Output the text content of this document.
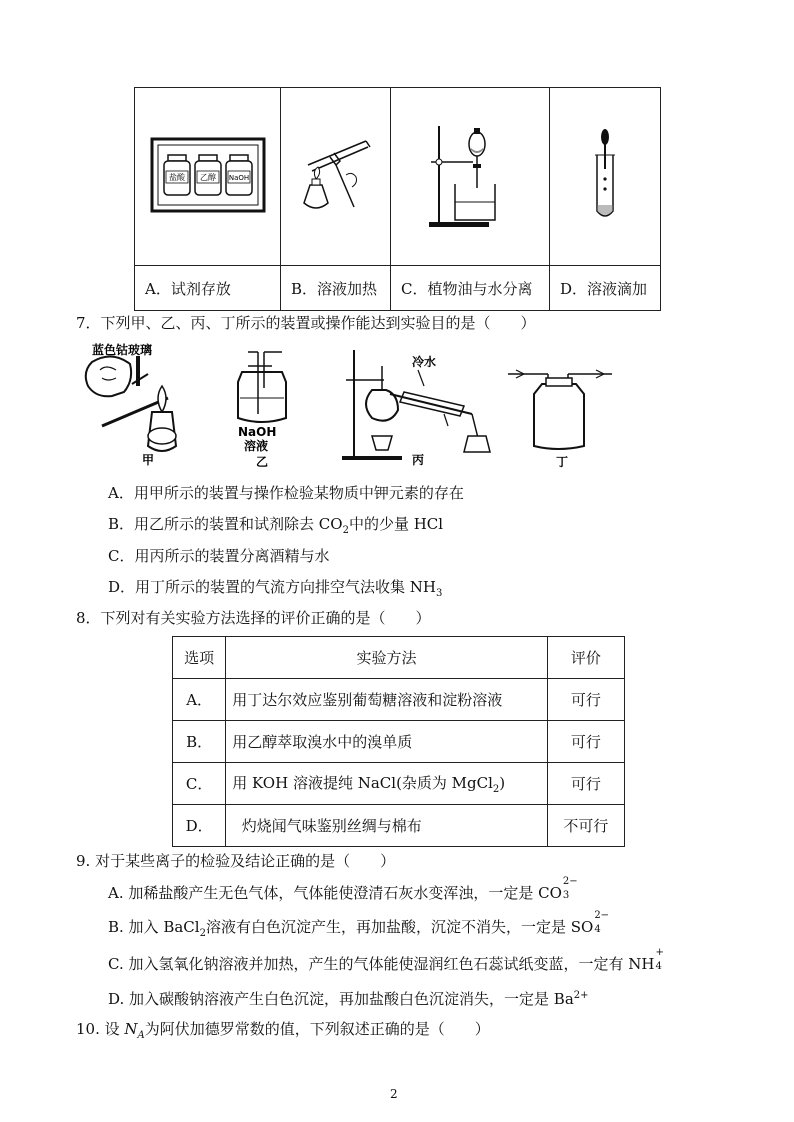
盐酸 乙醇 NaOH

A．试剂存放	B．溶液加热	C．植物油与水分离	D．溶液滴加
7．下列甲、乙、丙、丁所示的装置或操作能达到实验目的是（　　）
蓝色钴玻璃
甲
NaOH
溶液
乙
冷水
丙	丁
A．用甲所示的装置与操作检验某物质中钾元素的存在
B．用乙所示的装置和试剂除去 $CO_2$中的少量 HCl
C．用丙所示的装置分离酒精与水
D．用丁所示的装置的气流方向排空气法收集 $NH_3$
8．下列对有关实验方法选择的评价正确的是（　　）
选项	实验方法	评价
A．	用丁达尔效应鉴别葡萄糖溶液和淀粉溶液	可行
B．	用乙醇萃取溴水中的溴单质	可行
C．	用 KOH 溶液提纯 NaCl(杂质为 MgCl$_2$)	可行
D．	灼烧闻气味鉴别丝绸与棉布	不可行
9. 对于某些离子的检验及结论正确的是（　　）
A. 加稀盐酸产生无色气体，气体能使澄清石灰水变浑浊，一定是 CO
2−
3
B. 加入 BaCl$_2$溶液有白色沉淀产生，再加盐酸，沉淀不消失，一定是 SO
2−
4
C. 加入氢氧化钠溶液并加热，产生的气体能使湿润红色石蕊试纸变蓝，一定有 NH
+
4
D. 加入碳酸钠溶液产生白色沉淀，再加盐酸白色沉淀消失，一定是 $Ba^{2+}$
10. 设 $N_A$为阿伏加德罗常数的值，下列叙述正确的是（　　）
2
